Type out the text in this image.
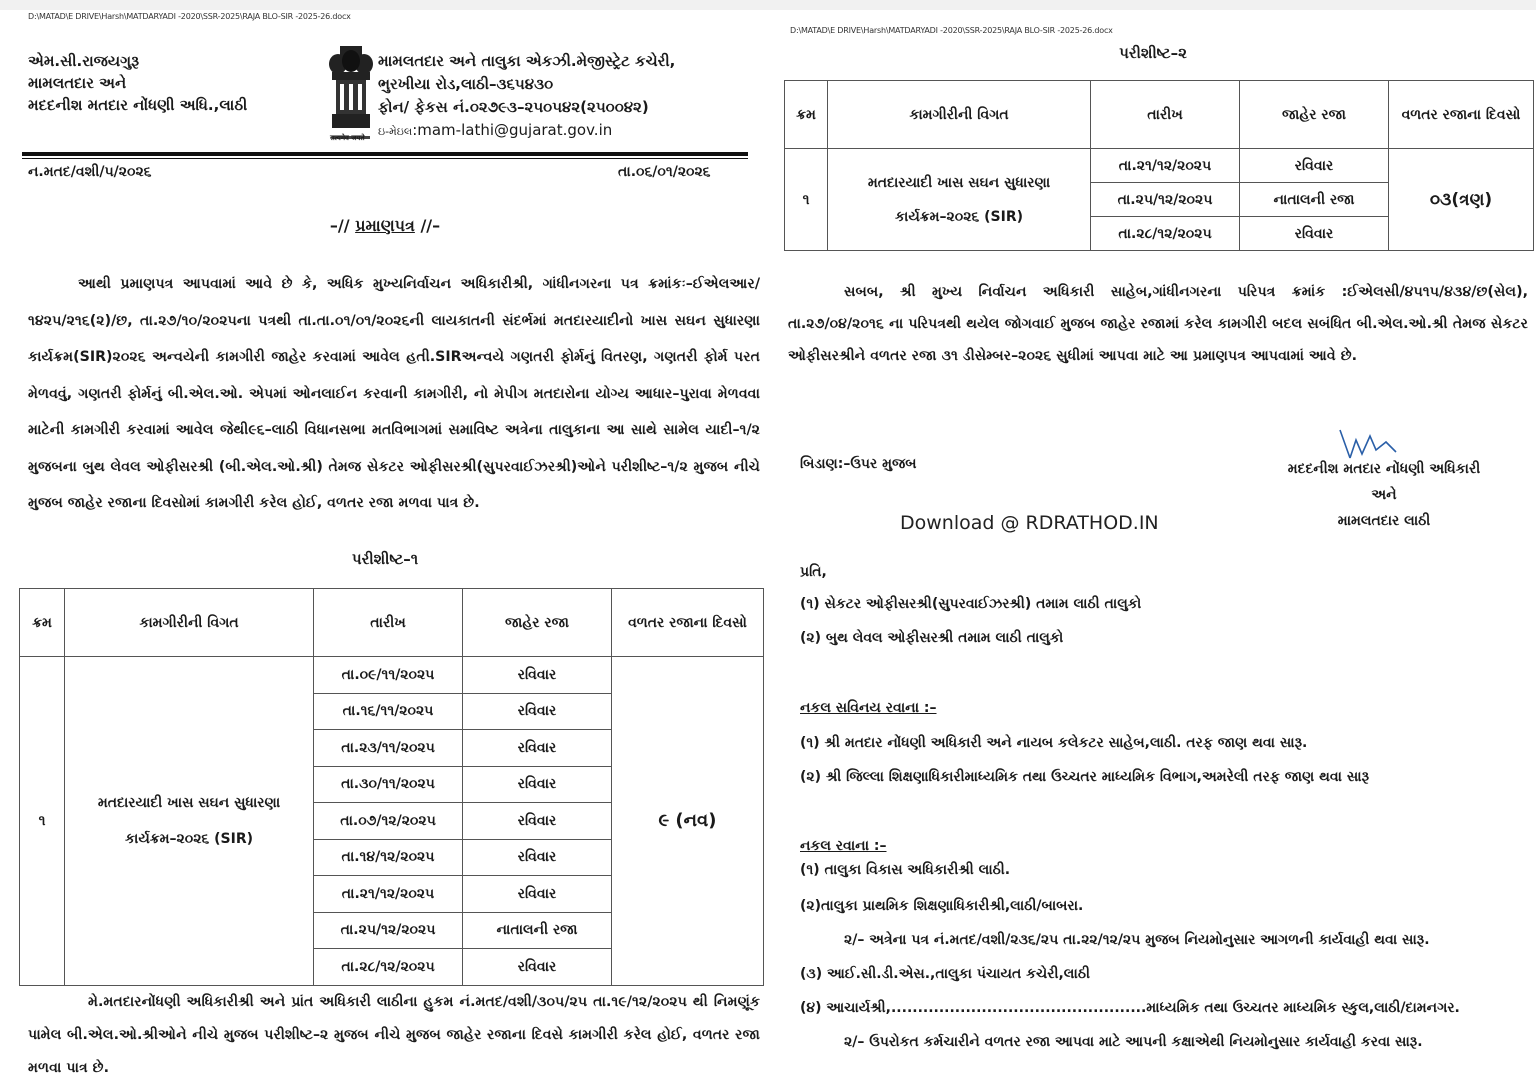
D:\MATAD\E DRIVE\Harsh\MATDARYADI -2020\SSR-2025\RAJA BLO-SIR -2025-26.docx
એમ.સી.રાજયગુરૂ
મામલતદાર અને
મદદનીશ મતદાર નોંધણી અધિ.,લાઠી
सत्यमेव जयते
મામલતદાર અને તાલુકા એકઝી.મેજીસ્ટ્રેટ કચેરી,
ભુરખીયા રોડ,લાઠી–૩૬૫૪૩૦
ફોન/ ફેકસ નં.૦૨૭૯૩–૨૫૦૫૪૨(૨૫૦૦૪૨)
ઇ-મેઇલ:mam-lathi@gujarat.gov.in
ન.મતદ/વશી/૫/૨૦૨૬	તા.૦૬/૦૧/૨૦૨૬
–// પ્રમાણપત્ર //–

આથી પ્રમાણપત્ર આપવામાં આવે છે કે, અધિક મુખ્યનિર્વાચન અધિકારીશ્રી, ગાંધીનગરના પત્ર ક્રમાંકઃ–ઈએલઆર/૧૪૨૫/૨૧૬(૨)/છ, તા.૨૭/૧૦/૨૦૨૫ના પત્રથી તા.તા.૦૧/૦૧/૨૦૨૬ની લાયકાતની સંદર્ભમાં મતદારયાદીનો ખાસ સઘન સુધારણા કાર્યક્રમ(SIR)૨૦૨૬ અન્વયેની કામગીરી જાહેર કરવામાં આવેલ હતી.SIRઅન્વયે ગણતરી ફોર્મનું વિતરણ, ગણતરી ફોર્મ પરત મેળવવું, ગણતરી ફોર્મનું બી.એલ.ઓ. એપમાં ઓનલાઈન કરવાની કામગીરી, નો મેપીગ મતદારોના યોગ્ય આધાર–પુરાવા મેળવવા માટેની કામગીરી કરવામાં આવેલ જેથી૯૬–લાઠી વિધાનસભા મતવિભાગમાં સમાવિષ્ટ અત્રેના તાલુકાના આ સાથે સામેલ યાદી–૧/૨ મુજબના બુથ લેવલ ઓફીસરશ્રી (બી.એલ.ઓ.શ્રી) તેમજ સેકટર ઓફીસરશ્રી(સુપરવાઈઝરશ્રી)ઓને પરીશીષ્ટ–૧/૨ મુજબ નીચે મુજબ જાહેર રજાના દિવસોમાં કામગીરી કરેલ હોઈ, વળતર રજા મળવા પાત્ર છે.

પરીશીષ્ટ–૧
ક્રમ	કામગીરીની વિગત	તારીખ	જાહેર રજા	વળતર રજાના દિવસો
૧	મતદારયાદી ખાસ સઘન સુધારણા
કાર્યક્રમ–૨૦૨૬ (SIR)	તા.૦૯/૧૧/૨૦૨૫	રવિવાર	૯ (નવ)
		તા.૧૬/૧૧/૨૦૨૫	રવિવાર	
		તા.૨૩/૧૧/૨૦૨૫	રવિવાર	
		તા.૩૦/૧૧/૨૦૨૫	રવિવાર	
		તા.૦૭/૧૨/૨૦૨૫	રવિવાર	
		તા.૧૪/૧૨/૨૦૨૫	રવિવાર	
		તા.૨૧/૧૨/૨૦૨૫	રવિવાર	
		તા.૨૫/૧૨/૨૦૨૫	નાતાલની રજા	
		તા.૨૮/૧૨/૨૦૨૫	રવિવાર	

મે.મતદારનોંધણી અધિકારીશ્રી અને પ્રાંત અધિકારી લાઠીના હુકમ નં.મતદ/વશી/૩૦૫/૨૫ તા.૧૯/૧૨/૨૦૨૫ થી નિમણૂંક પામેલ બી.એલ.ઓ.શ્રીઓને નીચે મુજબ પરીશીષ્ટ–૨ મુજબ નીચે મુજબ જાહેર રજાના દિવસે કામગીરી કરેલ હોઈ, વળતર રજા મળવા પાત્ર છે.

D:\MATAD\E DRIVE\Harsh\MATDARYADI -2020\SSR-2025\RAJA BLO-SIR -2025-26.docx
પરીશીષ્ટ–૨
ક્રમ	કામગીરીની વિગત	તારીખ	જાહેર રજા	વળતર રજાના દિવસો
૧	મતદારયાદી ખાસ સઘન સુધારણા
કાર્યક્રમ–૨૦૨૬ (SIR)	તા.૨૧/૧૨/૨૦૨૫	રવિવાર	૦૩(ત્રણ)
		તા.૨૫/૧૨/૨૦૨૫	નાતાલની રજા	
		તા.૨૮/૧૨/૨૦૨૫	રવિવાર	

સબબ, શ્રી મુખ્ય નિર્વાચન અધિકારી સાહેબ,ગાંધીનગરના પરિપત્ર ક્રમાંક :ઈએલસી/૪૫૧૫/૪૩૪/છ(સેલ), તા.૨૭/૦૪/૨૦૧૬ ના પરિપત્રથી થયેલ જોગવાઈ મુજબ જાહેર રજામાં કરેલ કામગીરી બદલ સબંધિત બી.એલ.ઓ.શ્રી તેમજ સેકટર ઓફીસરશ્રીને વળતર રજા ૩૧ ડીસેમ્બર–૨૦૨૬ સુધીમાં આપવા માટે આ પ્રમાણપત્ર આપવામાં આવે છે.

બિડાણ:–ઉપર મુજબ	મદદનીશ મતદાર નોંધણી અધિકારી
અને
મામલતદાર લાઠી
Download @ RDRATHOD.IN
પ્રતિ,
(૧) સેકટર ઓફીસરશ્રી(સુપરવાઈઝરશ્રી) તમામ લાઠી તાલુકો
(૨) બુથ લેવલ ઓફીસરશ્રી તમામ લાઠી તાલુકો
નકલ સવિનય રવાના :–
(૧) શ્રી મતદાર નોંધણી અધિકારી અને નાયબ કલેકટર સાહેબ,લાઠી. તરફ જાણ થવા સારૂ.
(૨) શ્રી જિલ્લા શિક્ષણાધિકારીમાધ્યમિક તથા ઉચ્ચતર માધ્યમિક વિભાગ,અમરેલી તરફ જાણ થવા સારૂ
નકલ રવાના :–
(૧) તાલુકા વિકાસ અધિકારીશ્રી લાઠી.
(૨)તાલુકા પ્રાથમિક શિક્ષણાધિકારીશ્રી,લાઠી/બાબરા.
૨/– અત્રેના પત્ર નં.મતદ/વશી/૨૩૬/૨૫ તા.૨૨/૧૨/૨૫ મુજબ નિયમોનુસાર આગળની કાર્યવાહી થવા સારૂ.
(૩) આઈ.સી.ડી.એસ.,તાલુકા પંચાયત કચેરી,લાઠી
(૪) આચાર્યશ્રી,................................................માધ્યમિક તથા ઉચ્ચતર માધ્યમિક સ્કુલ,લાઠી/દામનગર.
૨/– ઉપરોકત કર્મચારીને વળતર રજા આપવા માટે આપની કક્ષાએથી નિયમોનુસાર કાર્યવાહી કરવા સારૂ.
